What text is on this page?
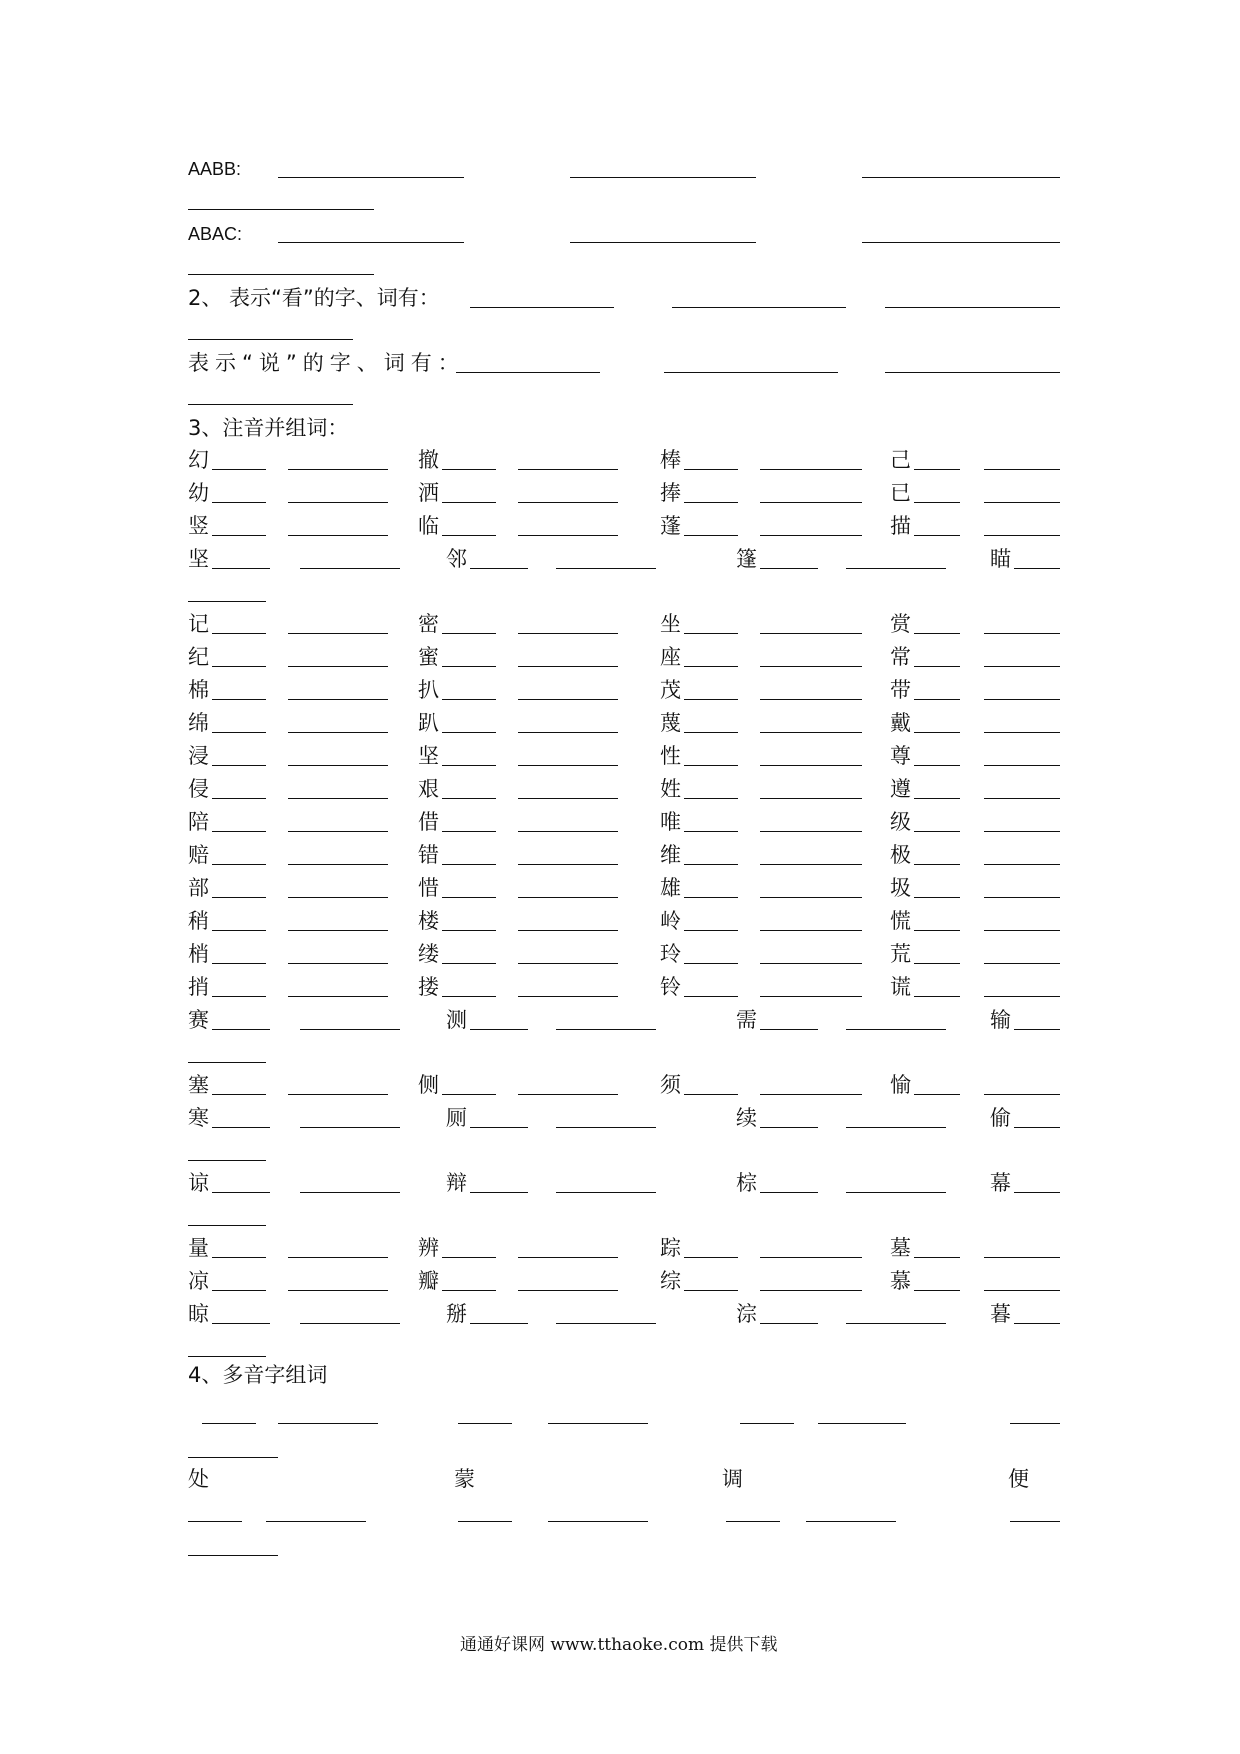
AABB:
ABAC:
2、 表示“看”的字、词有：
表示“说”的字、词有：
3、注音并组词：
幻	撤	棒	己
幼	洒	捧	已
竖	临	蓬	描
坚	邻	篷	瞄
记	密	坐	赏
纪	蜜	座	常
棉	扒	茂	带
绵	趴	蔑	戴
浸	坚	性	尊
侵	艰	姓	遵
陪	借	唯	级
赔	错	维	极
部	惜	雄	圾
稍	楼	岭	慌
梢	缕	玲	荒
捎	搂	铃	谎
赛	测	需	输
塞	侧	须	愉
寒	厕	续	偷
谅	辩	棕	幕
量	辨	踪	墓
凉	瓣	综	慕
晾	掰	淙	暮
4、多音字组词
处	蒙	调	便
通通好课网 www.tthaoke.com 提供下载
